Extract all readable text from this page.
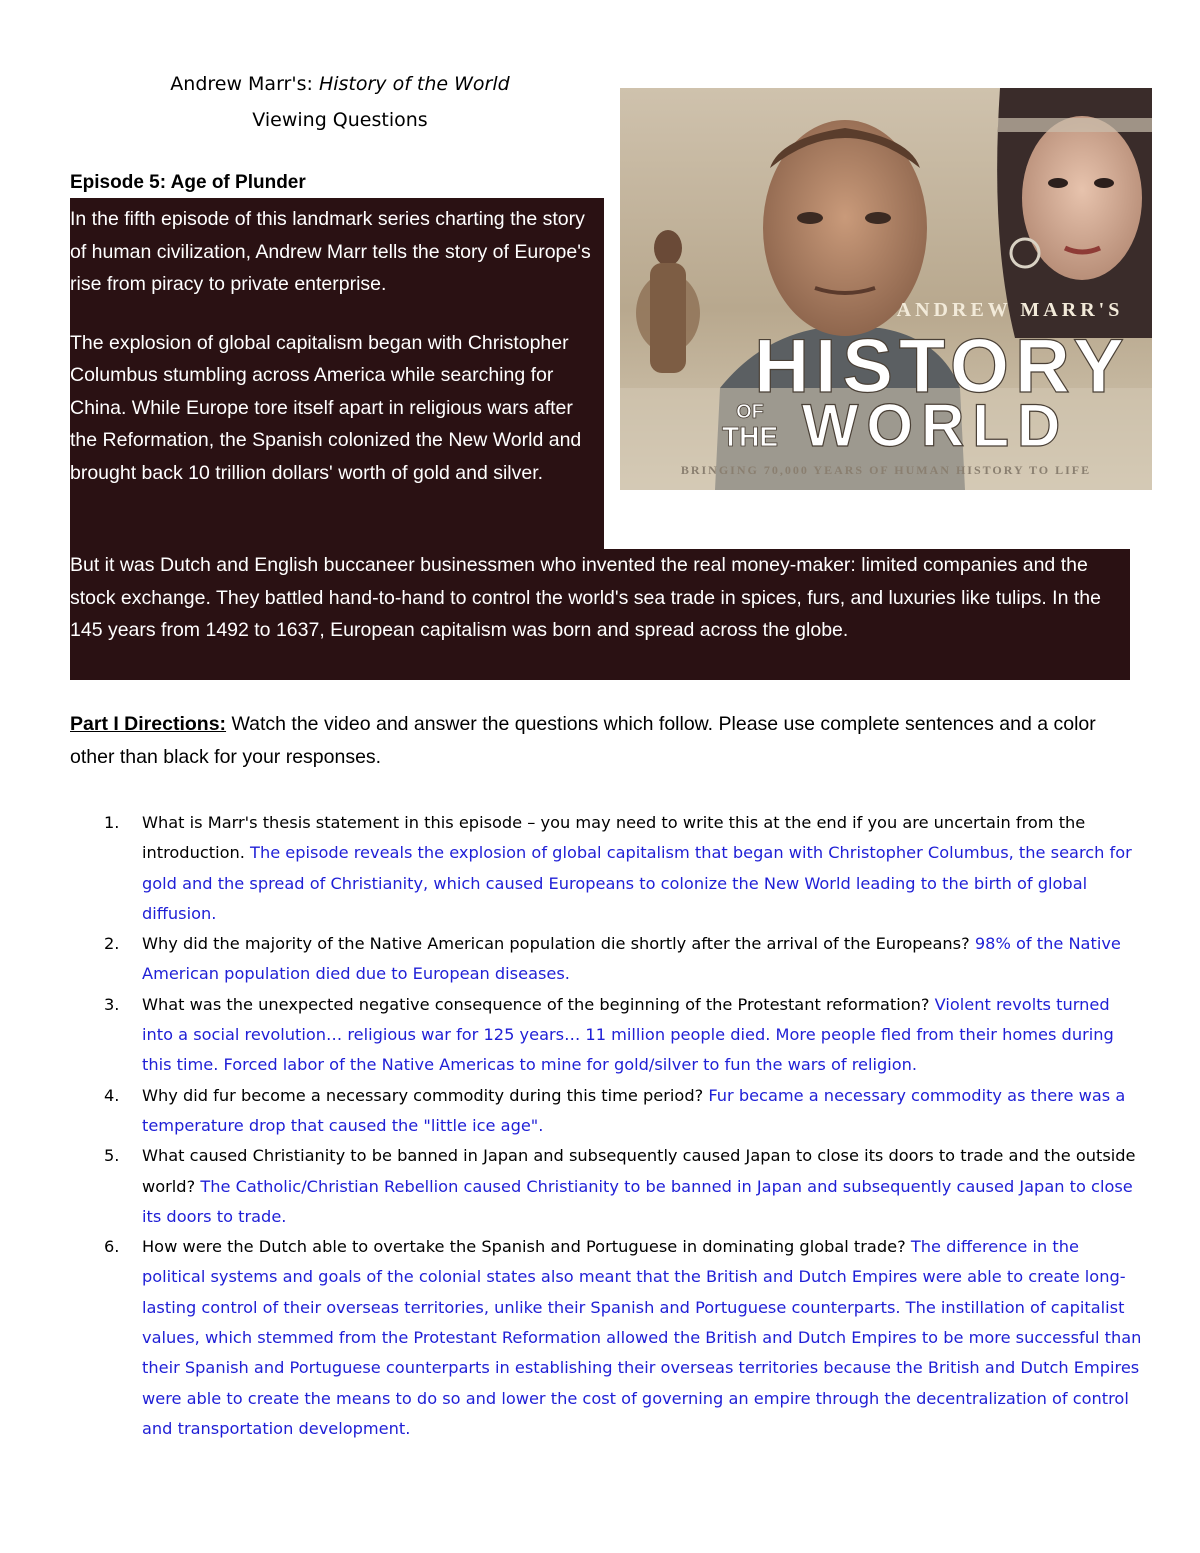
Andrew Marr's: History of the World
Viewing Questions
Episode 5: Age of Plunder

In the fifth episode of this landmark series charting the story of human civilization, Andrew Marr tells the story of Europe's rise from piracy to private enterprise.

The explosion of global capitalism began with Christopher Columbus stumbling across America while searching for China. While Europe tore itself apart in religious wars after the Reformation, the Spanish colonized the New World and brought back 10 trillion dollars' worth of gold and silver.

But it was Dutch and English buccaneer businessmen who invented the real money-maker: limited companies and the stock exchange. They battled hand-to-hand to control the world's sea trade in spices, furs, and luxuries like tulips. In the 145 years from 1492 to 1637, European capitalism was born and spread across the globe.

ANDREW MARR'S
HISTORY
OF
THE WORLD
BRINGING 70,000 YEARS OF HUMAN HISTORY TO LIFE
Part I Directions: Watch the video and answer the questions which follow. Please use complete sentences and a color other than black for your responses.
1. What is Marr's thesis statement in this episode – you may need to write this at the end if you are uncertain from the introduction. The episode reveals the explosion of global capitalism that began with Christopher Columbus, the search for gold and the spread of Christianity, which caused Europeans to colonize the New World leading to the birth of global diffusion.
2. Why did the majority of the Native American population die shortly after the arrival of the Europeans? 98% of the Native American population died due to European diseases.
3. What was the unexpected negative consequence of the beginning of the Protestant reformation? Violent revolts turned into a social revolution… religious war for 125 years… 11 million people died. More people fled from their homes during this time. Forced labor of the Native Americas to mine for gold/silver to fun the wars of religion.
4. Why did fur become a necessary commodity during this time period? Fur became a necessary commodity as there was a temperature drop that caused the "little ice age".
5. What caused Christianity to be banned in Japan and subsequently caused Japan to close its doors to trade and the outside world? The Catholic/Christian Rebellion caused Christianity to be banned in Japan and subsequently caused Japan to close its doors to trade.
6. How were the Dutch able to overtake the Spanish and Portuguese in dominating global trade? The difference in the political systems and goals of the colonial states also meant that the British and Dutch Empires were able to create long-lasting control of their overseas territories, unlike their Spanish and Portuguese counterparts. The instillation of capitalist values, which stemmed from the Protestant Reformation allowed the British and Dutch Empires to be more successful than their Spanish and Portuguese counterparts in establishing their overseas territories because the British and Dutch Empires were able to create the means to do so and lower the cost of governing an empire through the decentralization of control and transportation development.
